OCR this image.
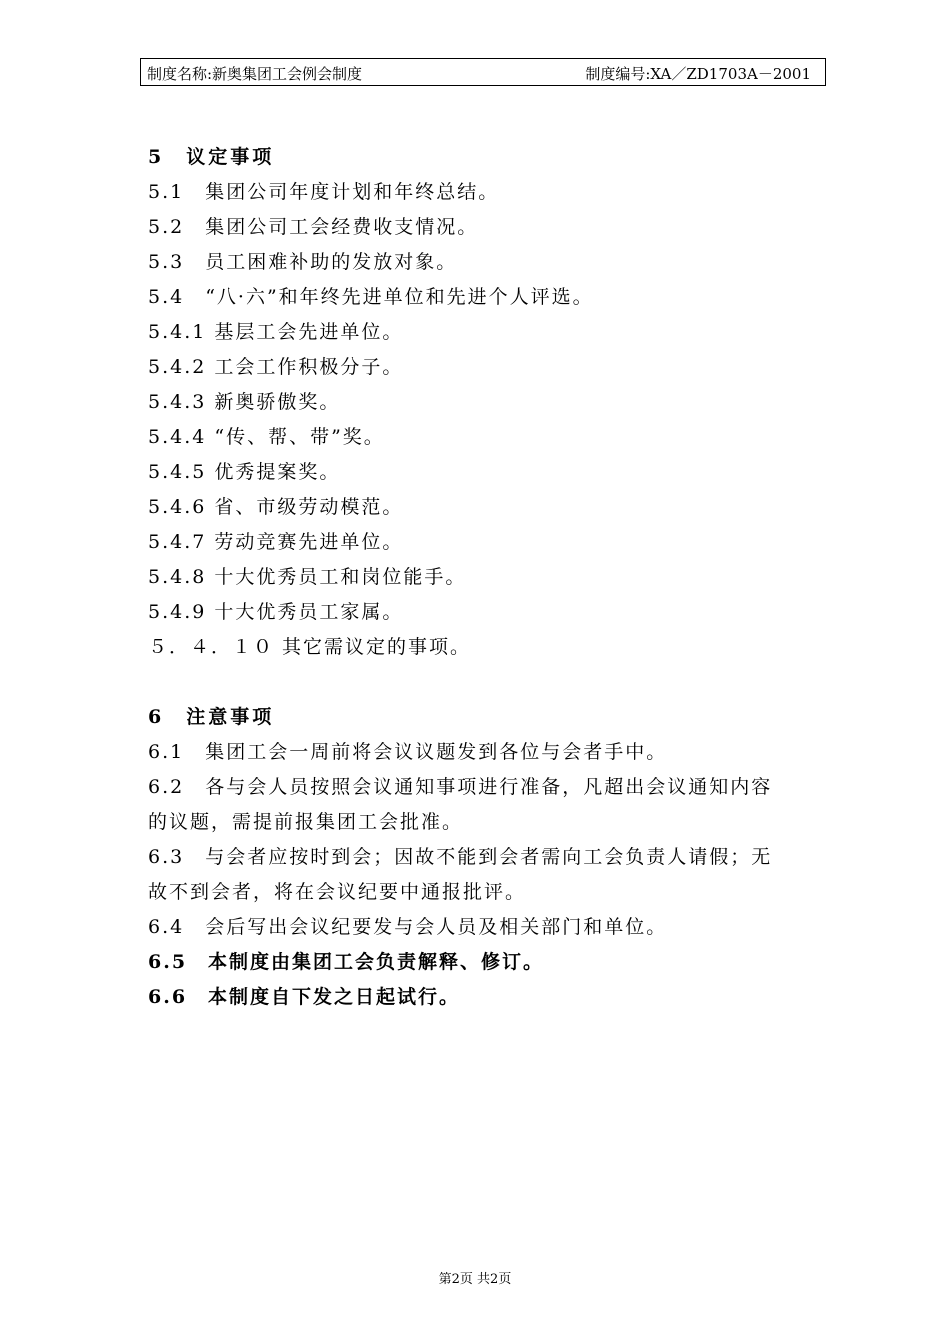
制度名称:新奥集团工会例会制度	制度编号:XA／ZD1703A－2001
5　议定事项
5.1　集团公司年度计划和年终总结。
5.2　集团公司工会经费收支情况。
5.3　员工困难补助的发放对象。
5.4　“八·六”和年终先进单位和先进个人评选。
5.4.1 基层工会先进单位。
5.4.2 工会工作积极分子。
5.4.3 新奥骄傲奖。
5.4.4 “传、帮、带”奖。
5.4.5 优秀提案奖。
5.4.6 省、市级劳动模范。
5.4.7 劳动竞赛先进单位。
5.4.8 十大优秀员工和岗位能手。
5.4.9 十大优秀员工家属。
５．４．１０ 其它需议定的事项。
6　注意事项
6.1　集团工会一周前将会议议题发到各位与会者手中。
6.2　各与会人员按照会议通知事项进行准备，凡超出会议通知内容
的议题，需提前报集团工会批准。
6.3　与会者应按时到会；因故不能到会者需向工会负责人请假；无
故不到会者，将在会议纪要中通报批评。
6.4　会后写出会议纪要发与会人员及相关部门和单位。
6.5　本制度由集团工会负责解释、修订。
6.6　本制度自下发之日起试行。
第2页 共2页
